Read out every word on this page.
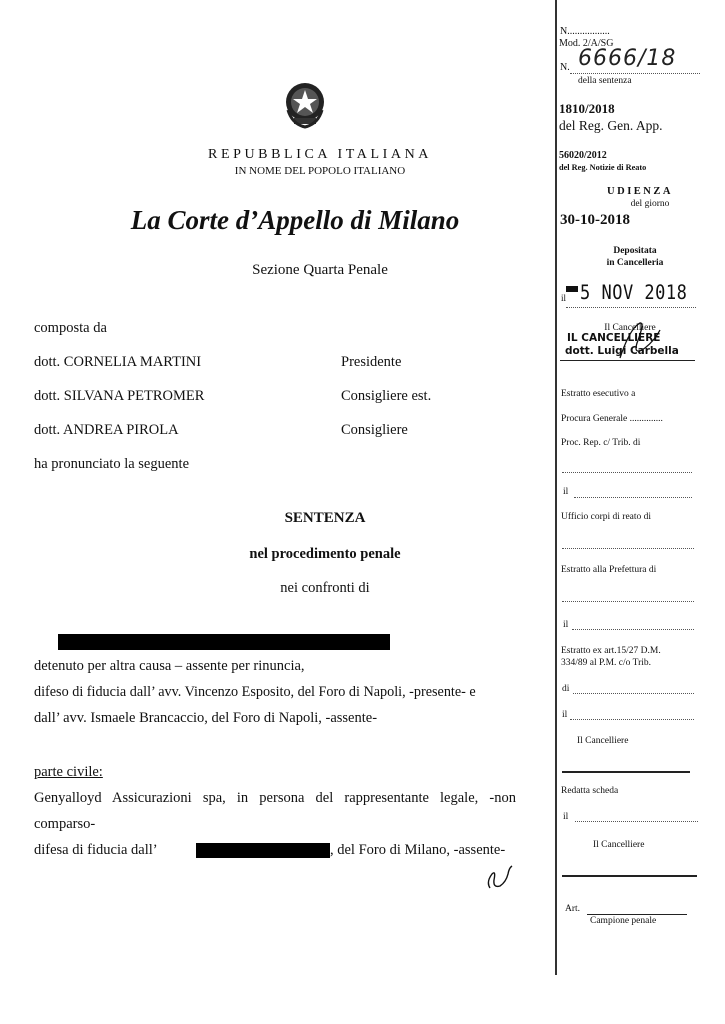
REPUBBLICA ITALIANA
IN NOME DEL POPOLO ITALIANO
La Corte d’Appello di Milano
Sezione Quarta Penale
composta da
dott. CORNELIA MARTINI	Presidente
dott. SILVANA PETROMER	Consigliere est.
dott. ANDREA PIROLA	Consigliere
ha pronunciato la seguente
SENTENZA
nel procedimento penale
nei confronti di
detenuto per altra causa – assente per rinuncia,
difeso di fiducia dall’ avv. Vincenzo Esposito, del Foro di Napoli, -presente- e
dall’ avv. Ismaele Brancaccio, del Foro di Napoli, -assente-
parte civile:
Genyalloyd Assicurazioni spa, in persona del rappresentante legale, -non
comparso-
difesa di fiducia dall’	, del Foro di Milano, -assente-
N.................
Mod. 2/A/SG
N. 6666/18
della sentenza
1810/2018
del Reg. Gen. App.
56020/2012
del Reg. Notizie di Reato
UDIENZA
del giorno
30-10-2018
Depositata
in Cancelleria
il 5 NOV 2018
Il Cancelliere
IL CANCELLIERE
dott. Luigi Carbella
Estratto esecutivo a
Procura Generale ..............
Proc. Rep. c/ Trib. di
il
Ufficio corpi di reato di
Estratto alla Prefettura di
il
Estratto ex art.15/27 D.M.
334/89 al P.M. c/o Trib.
di
il
Il Cancelliere
Redatta scheda
il
Il Cancelliere
Art.
Campione penale
